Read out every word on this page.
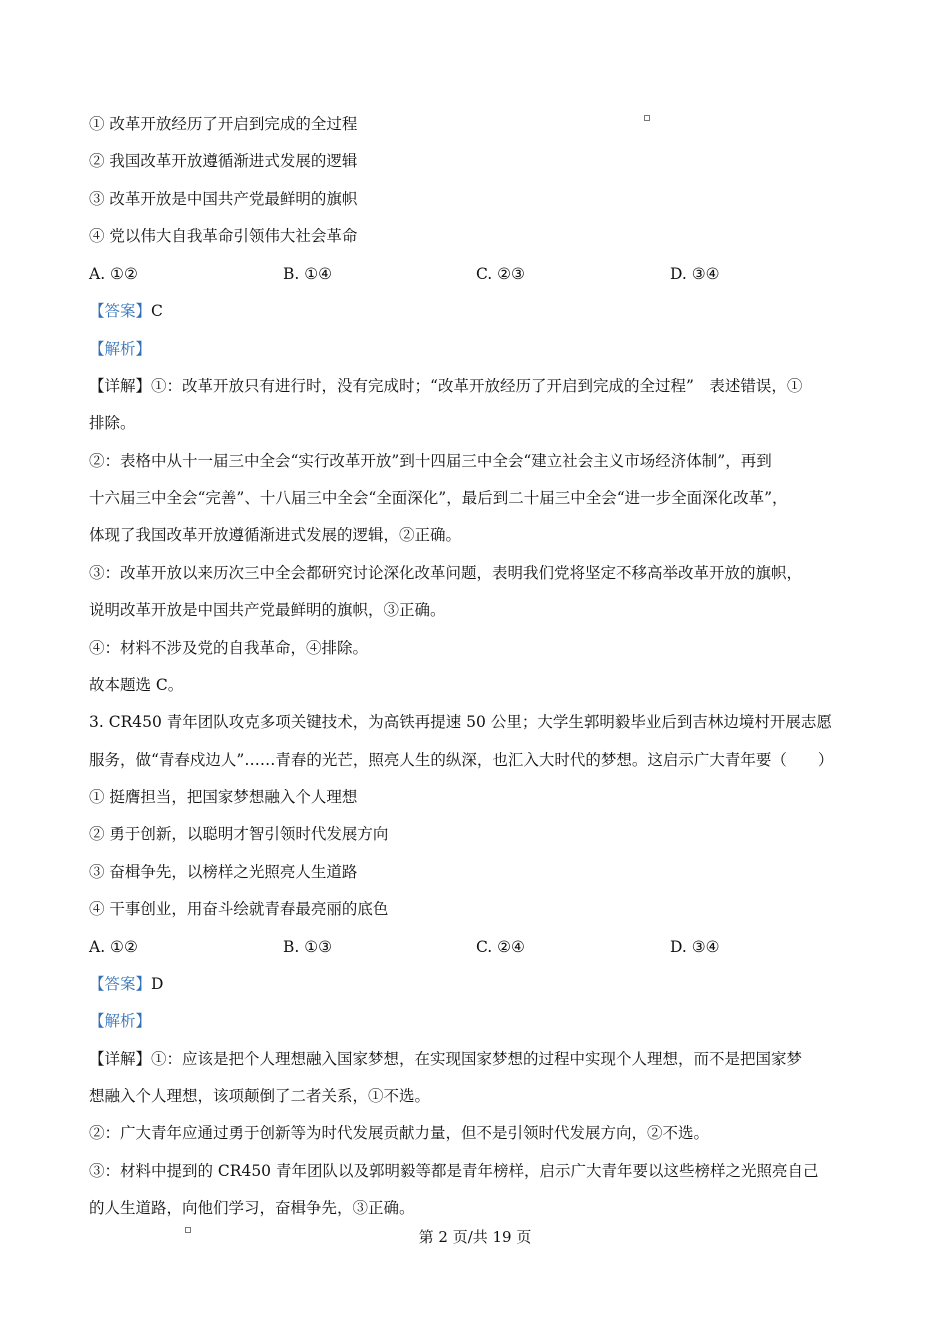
① 改革开放经历了开启到完成的全过程
② 我国改革开放遵循渐进式发展的逻辑
③ 改革开放是中国共产党最鲜明的旗帜
④ 党以伟大自我革命引领伟大社会革命
A. ①②	B. ①④	C. ②③	D. ③④
【答案】C
【解析】
【详解】①：改革开放只有进行时，没有完成时；“改革开放经历了开启到完成的全过程”　表述错误，①
排除。
②：表格中从十一届三中全会“实行改革开放”到十四届三中全会“建立社会主义市场经济体制”，再到
十六届三中全会“完善”、十八届三中全会“全面深化”，最后到二十届三中全会“进一步全面深化改革”，
体现了我国改革开放遵循渐进式发展的逻辑，②正确。
③：改革开放以来历次三中全会都研究讨论深化改革问题，表明我们党将坚定不移高举改革开放的旗帜，
说明改革开放是中国共产党最鲜明的旗帜，③正确。
④：材料不涉及党的自我革命，④排除。
故本题选 C。
3. CR450 青年团队攻克多项关键技术，为高铁再提速 50 公里；大学生郭明毅毕业后到吉林边境村开展志愿
服务，做“青春戍边人”……青春的光芒，照亮人生的纵深，也汇入大时代的梦想。这启示广大青年要（　　）
① 挺膺担当，把国家梦想融入个人理想
② 勇于创新，以聪明才智引领时代发展方向
③ 奋楫争先，以榜样之光照亮人生道路
④ 干事创业，用奋斗绘就青春最亮丽的底色
A. ①②	B. ①③	C. ②④	D. ③④
【答案】D
【解析】
【详解】①：应该是把个人理想融入国家梦想，在实现国家梦想的过程中实现个人理想，而不是把国家梦
想融入个人理想，该项颠倒了二者关系，①不选。
②：广大青年应通过勇于创新等为时代发展贡献力量，但不是引领时代发展方向，②不选。
③：材料中提到的 CR450 青年团队以及郭明毅等都是青年榜样，启示广大青年要以这些榜样之光照亮自己
的人生道路，向他们学习，奋楫争先，③正确。
第 2 页/共 19 页
